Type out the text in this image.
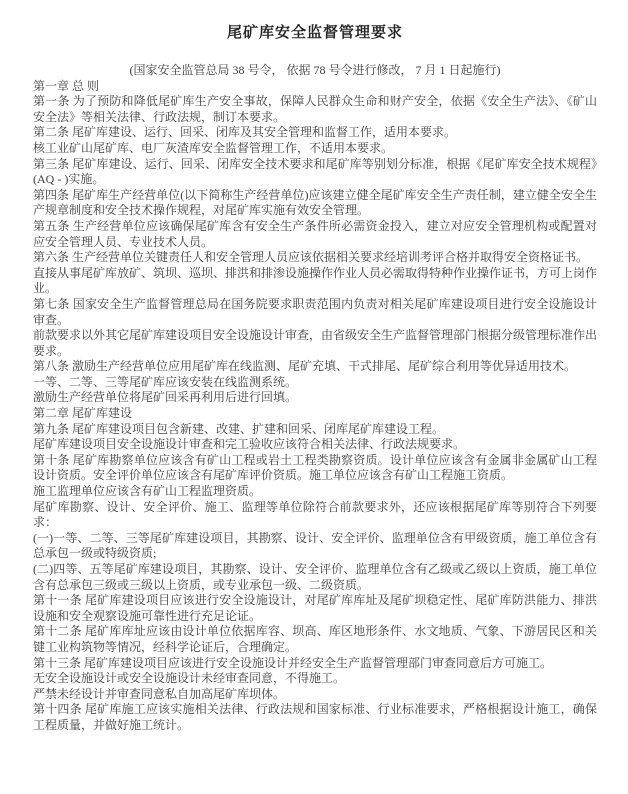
尾矿库安全监督管理要求

(国家安全监管总局 38 号令， 依据 78 号令进行修改， 7 月 1 日起施行)

第一章 总 则

第一条 为了预防和降低尾矿库生产安全事故，保障人民群众生命和财产安全，依据《安全生产法》、《矿山安全法》等相关法律、行政法规，制订本要求。

第二条 尾矿库建设、运行、回采、闭库及其安全管理和监督工作，适用本要求。

核工业矿山尾矿库、电厂灰渣库安全监督管理工作，不适用本要求。

第三条 尾矿库建设、运行、回采、闭库安全技术要求和尾矿库等别划分标准，根据《尾矿库安全技术规程》(AQ - )实施。

第四条 尾矿库生产经营单位(以下简称生产经营单位)应该建立健全尾矿库安全生产责任制，建立健全安全生产规章制度和安全技术操作规程，对尾矿库实施有效安全管理。

第五条 生产经营单位应该确保尾矿库含有安全生产条件所必需资金投入，建立对应安全管理机构或配置对应安全管理人员、专业技术人员。

第六条 生产经营单位关键责任人和安全管理人员应该依据相关要求经培训考评合格并取得安全资格证书。

直接从事尾矿库放矿、筑坝、巡坝、排洪和排渗设施操作作业人员必需取得特种作业操作证书，方可上岗作业。

第七条 国家安全生产监督管理总局在国务院要求职责范围内负责对相关尾矿库建设项目进行安全设施设计审查。

前款要求以外其它尾矿库建设项目安全设施设计审查，由省级安全生产监督管理部门根据分级管理标准作出要求。

第八条 激励生产经营单位应用尾矿库在线监测、尾矿充填、干式排尾、尾矿综合利用等优异适用技术。

一等、二等、三等尾矿库应该安装在线监测系统。

激励生产经营单位将尾矿回采再利用后进行回填。

第二章 尾矿库建设

第九条 尾矿库建设项目包含新建、改建、扩建和回采、闭库尾矿库建设工程。

尾矿库建设项目安全设施设计审查和完工验收应该符合相关法律、行政法规要求。

第十条 尾矿库勘察单位应该含有矿山工程或岩土工程类勘察资质。设计单位应该含有金属非金属矿山工程设计资质。安全评价单位应该含有尾矿库评价资质。施工单位应该含有矿山工程施工资质。

施工监理单位应该含有矿山工程监理资质。

尾矿库勘察、设计、安全评价、施工、监理等单位除符合前款要求外，还应该根据尾矿库等别符合下列要求：

(一)一等、二等、三等尾矿库建设项目，其勘察、设计、安全评价、监理单位含有甲级资质，施工单位含有总承包一级或特级资质;

(二)四等、五等尾矿库建设项目，其勘察、设计、安全评价、监理单位含有乙级或乙级以上资质，施工单位含有总承包三级或三级以上资质，或专业承包一级、二级资质。

第十一条 尾矿库建设项目应该进行安全设施设计，对尾矿库库址及尾矿坝稳定性、尾矿库防洪能力、排洪设施和安全观察设施可靠性进行充足论证。

第十二条 尾矿库库址应该由设计单位依据库容、坝高、库区地形条件、水文地质、气象、下游居民区和关键工业构筑物等情况，经科学论证后，合理确定。

第十三条 尾矿库建设项目应该进行安全设施设计并经安全生产监督管理部门审查同意后方可施工。

无安全设施设计或安全设施设计未经审查同意，不得施工。

严禁未经设计并审查同意私自加高尾矿库坝体。

第十四条 尾矿库施工应该实施相关法律、行政法规和国家标准、行业标准要求，严格根据设计施工，确保工程质量，并做好施工统计。
